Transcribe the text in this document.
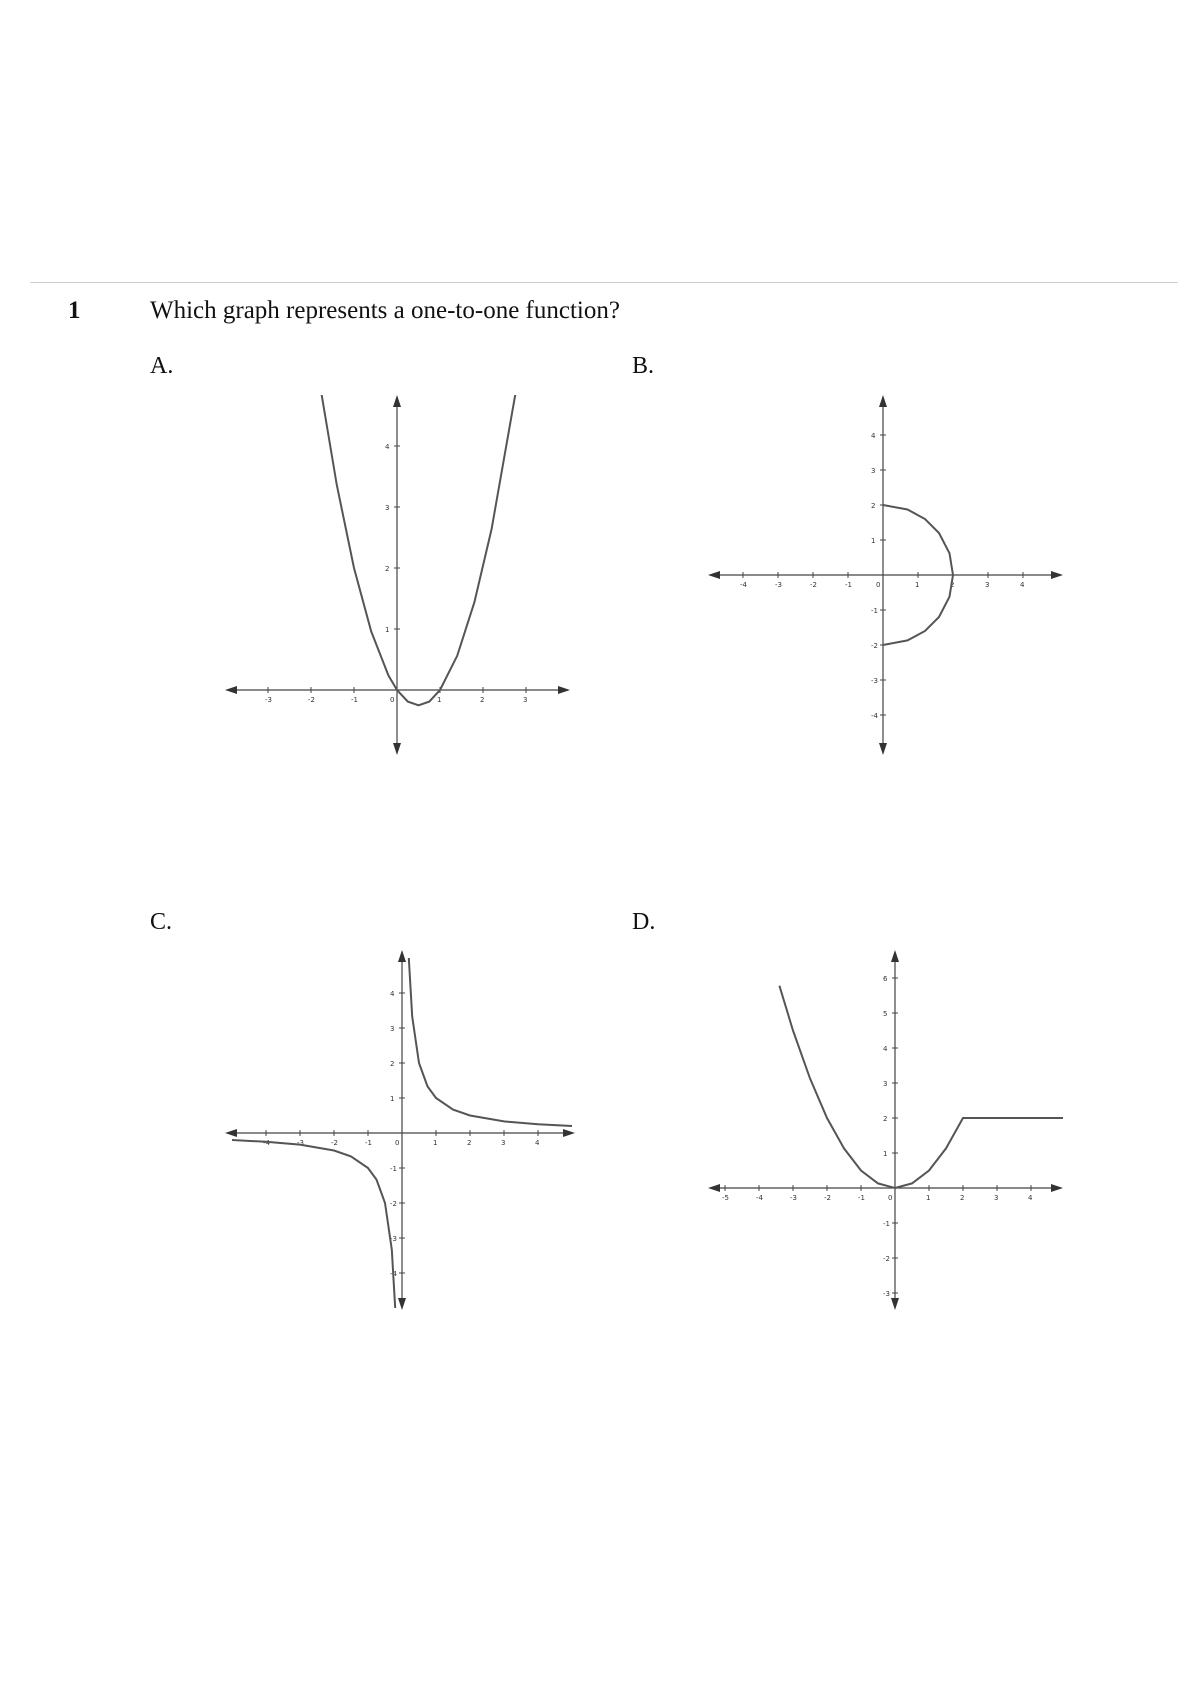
1	Which graph represents a one-to-one function?
A.	B.
C.	D.
-3	-2	-1	0	1	2	3
1
2
3
4
-4	-3	-2	-1	0	1	2	3	4
4
3
2
1
-1
-2
-3
-4
-4	-3	-2	-1	0	1	2	3	4
4
3
2
1
-1
-2
-3
-4
-5	-4	-3	-2	-1	0	1	2	3	4
6
5
4
3
2
1
-1
-2
-3
